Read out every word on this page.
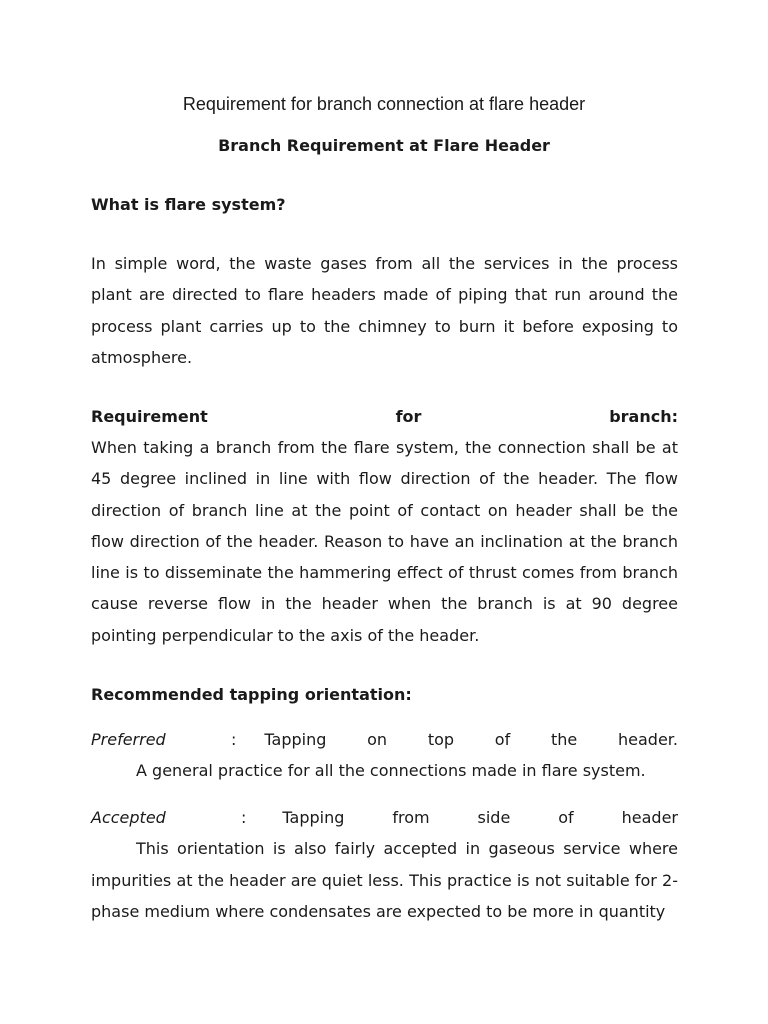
Requirement for branch connection at flare header
Branch Requirement at Flare Header
What is flare system?
In simple word, the waste gases from all the services in the process plant are directed to flare headers made of piping that run around the process plant carries up to the chimney to burn it before exposing to atmosphere.
Requirement for branch:
When taking a branch from the flare system, the connection shall be at 45 degree inclined in line with flow direction of the header. The flow direction of branch line at the point of contact on header shall be the flow direction of the header. Reason to have an inclination at the branch line is to disseminate the hammering effect of thrust comes from branch cause reverse flow in the header when the branch is at 90 degree pointing perpendicular to the axis of the header.
Recommended tapping orientation:
Preferred	: Tapping on top of the header.
A general practice for all the connections made in flare system.
Accepted	: Tapping from side of header
This orientation is also fairly accepted in gaseous service where impurities at the header are quiet less. This practice is not suitable for 2-phase medium where condensates are expected to be more in quantity
